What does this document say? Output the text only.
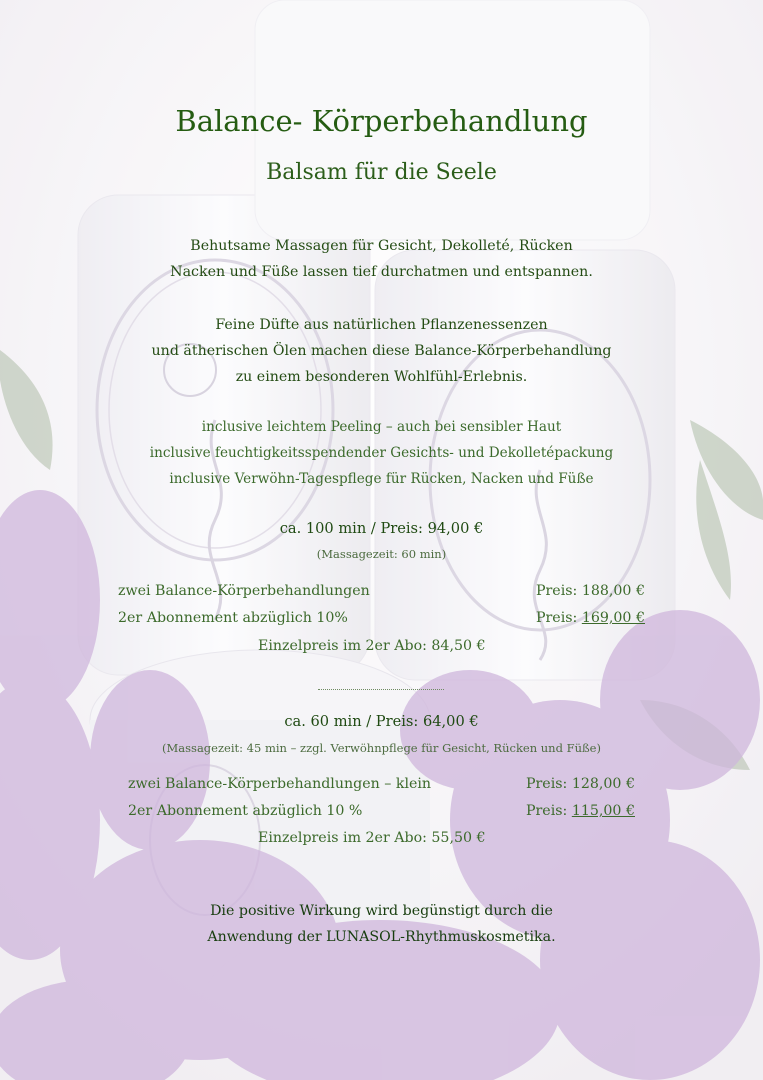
Balance- Körperbehandlung
Balsam für die Seele
Behutsame Massagen für Gesicht, Dekolleté, Rücken
Nacken und Füße lassen tief durchatmen und entspannen.
Feine Düfte aus natürlichen Pflanzenessenzen
und ätherischen Ölen machen diese Balance-Körperbehandlung
zu einem besonderen Wohlfühl-Erlebnis.
inclusive leichtem Peeling – auch bei sensibler Haut
inclusive feuchtigkeitsspendender Gesichts- und Dekolletépackung
inclusive Verwöhn-Tagespflege für Rücken, Nacken und Füße
ca. 100 min / Preis: 94,00 €
(Massagezeit: 60 min)
zwei Balance-Körperbehandlungen	Preis: 188,00 €
2er Abonnement abzüglich 10%	Preis: 169,00 €
Einzelpreis im 2er Abo: 84,50 €
ca. 60 min / Preis: 64,00 €
(Massagezeit: 45 min – zzgl. Verwöhnpflege für Gesicht, Rücken und Füße)
zwei Balance-Körperbehandlungen – klein	Preis: 128,00 €
2er Abonnement abzüglich 10 %	Preis: 115,00 €
Einzelpreis im 2er Abo: 55,50 €
Die positive Wirkung wird begünstigt durch die
Anwendung der LUNASOL-Rhythmuskosmetika.
